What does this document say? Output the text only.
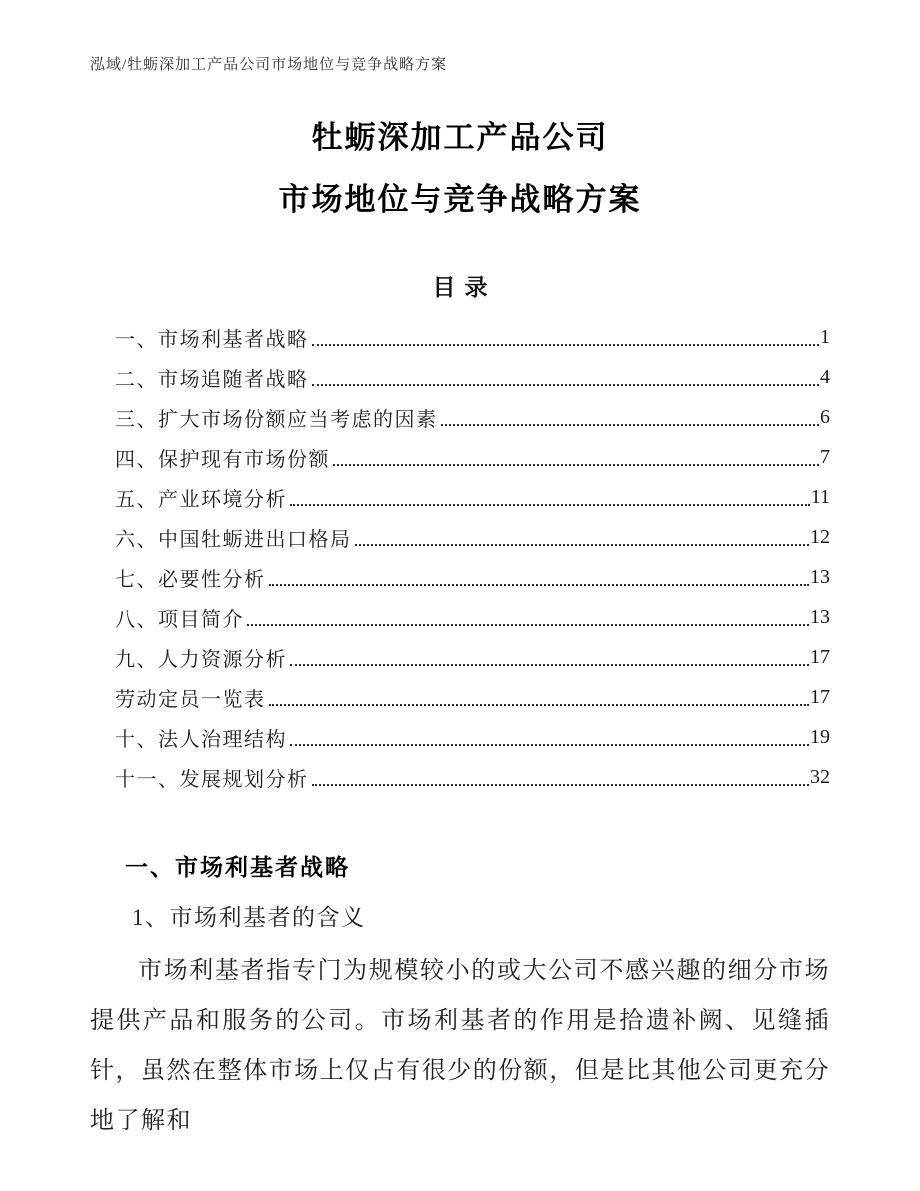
泓域/牡蛎深加工产品公司市场地位与竞争战略方案
牡蛎深加工产品公司
市场地位与竞争战略方案
目录
一、市场利基者战略	1
二、市场追随者战略	4
三、扩大市场份额应当考虑的因素	6
四、保护现有市场份额	7
五、产业环境分析	11
六、中国牡蛎进出口格局	12
七、必要性分析	13
八、项目简介	13
九、人力资源分析	17
劳动定员一览表	17
十、法人治理结构	19
十一、发展规划分析	32
一、市场利基者战略
1、市场利基者的含义

市场利基者指专门为规模较小的或大公司不感兴趣的细分市场提供产品和服务的公司。市场利基者的作用是拾遗补阙、见缝插针，虽然在整体市场上仅占有很少的份额，但是比其他公司更充分地了解和
